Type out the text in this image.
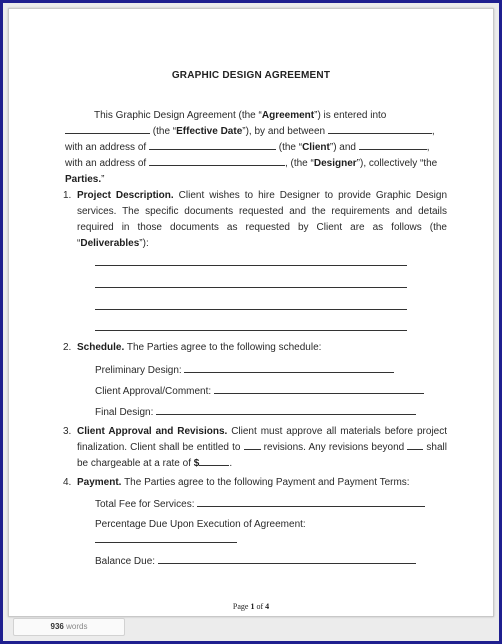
GRAPHIC DESIGN AGREEMENT
This Graphic Design Agreement (the “Agreement”) is entered into
(the “Effective Date”), by and between	,
with an address of	(the “Client”) and	,
with an address of	, (the “Designer”), collectively “the
Parties.”
1. Project Description. Client wishes to hire Designer to provide Graphic Design services. The specific documents requested and the requirements and details required in those documents as requested by Client are as follows (the “Deliverables”):
2. Schedule. The Parties agree to the following schedule:
Preliminary Design:
Client Approval/Comment:
Final Design:
3. Client Approval and Revisions. Client must approve all materials before project finalization. Client shall be entitled to  revisions. Any revisions beyond  shall be chargeable at a rate of $	.
4. Payment. The Parties agree to the following Payment and Payment Terms:
Total Fee for Services:
Percentage Due Upon Execution of Agreement:
Balance Due:
Page 1 of 4
936 words
